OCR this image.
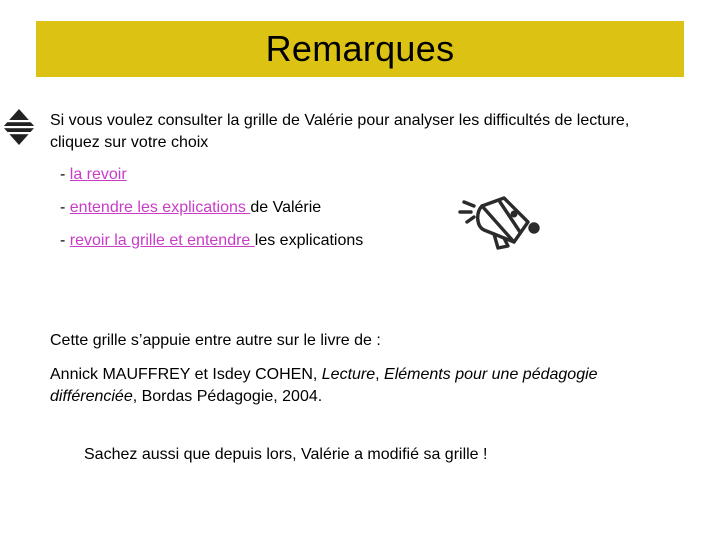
Remarques

Si vous voulez consulter la grille de Valérie pour analyser les difficultés de lecture, cliquez sur votre choix

- la revoir

- entendre les explications de Valérie

- revoir la grille et entendre les explications

Cette grille s’appuie entre autre sur le livre de :

Annick MAUFFREY et Isdey COHEN, Lecture, Eléments pour une pédagogie différenciée, Bordas Pédagogie, 2004.

Sachez aussi que depuis lors, Valérie a modifié sa grille !
